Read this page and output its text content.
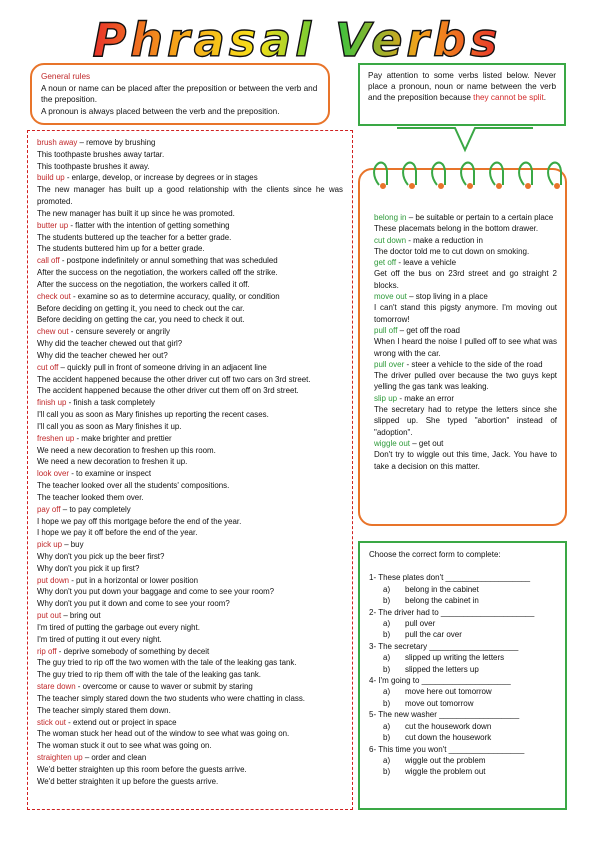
Phrasal Verbs
General rules
A noun or name can be placed after the preposition or between the verb and the preposition.
A pronoun is always placed between the verb and the preposition.
Pay attention to some verbs listed below. Never place a pronoun, noun or name between the verb and the preposition because they cannot be split.
brush away – remove by brushing
This toothpaste brushes away tartar.
This toothpaste brushes it away.
build up - enlarge, develop, or increase by degrees or in stages
The new manager has built up a good relationship with the clients since he was promoted.
The new manager has built it up since he was promoted.
butter up - flatter with the intention of getting something
The students buttered up the teacher for a better grade.
The students buttered him up for a better grade.
call off - postpone indefinitely or annul something that was scheduled
After the success on the negotiation, the workers called off the strike.
After the success on the negotiation, the workers called it off.
check out - examine so as to determine accuracy, quality, or condition
Before deciding on getting it, you need to check out the car.
Before deciding on getting the car, you need to check it out.
chew out - censure severely or angrily
Why did the teacher chewed out that girl?
Why did the teacher chewed her out?
cut off – quickly pull in front of someone driving in an adjacent line
The accident happened because the other driver cut off two cars on 3rd street.
The accident happened because the other driver cut them off on 3rd street.
finish up - finish a task completely
I'll call you as soon as Mary finishes up reporting the recent cases.
I'll call you as soon as Mary finishes it up.
freshen up - make brighter and prettier
We need a new decoration to freshen up this room.
We need a new decoration to freshen it up.
look over - to examine or inspect
The teacher looked over all the students' compositions.
The teacher looked them over.
pay off – to pay completely
I hope we pay off this mortgage before the end of the year.
I hope we pay it off before the end of the year.
pick up – buy
Why don't you pick up the beer first?
Why don't you pick it up first?
put down - put in a horizontal or lower position
Why don't you put down your baggage and come to see your room?
Why don't you put it down and come to see your room?
put out – bring out
I'm tired of putting the garbage out every night.
I'm tired of putting it out every night.
rip off - deprive somebody of something by deceit
The guy tried to rip off the two women with the tale of the leaking gas tank.
The guy tried to rip them off with the tale of the leaking gas tank.
stare down - overcome or cause to waver or submit by staring
The teacher simply stared down the two students who were chatting in class.
The teacher simply stared them down.
stick out - extend out or project in space
The woman stuck her head out of the window to see what was going on.
The woman stuck it out to see what was going on.
straighten up – order and clean
We'd better straighten up this room before the guests arrive.
We'd better straighten it up before the guests arrive.
belong in – be suitable or pertain to a certain place
These placemats belong in the bottom drawer.
cut down - make a reduction in
The doctor told me to cut down on smoking.
get off - leave a vehicle
Get off the bus on 23rd street and go straight 2 blocks.
move out – stop living in a place
I can't stand this pigsty anymore. I'm moving out tomorrow!
pull off – get off the road
When I heard the noise I pulled off to see what was wrong with the car.
pull over - steer a vehicle to the side of the road
The driver pulled over because the two guys kept yelling the gas tank was leaking.
slip up - make an error
The secretary had to retype the letters since she slipped up. She typed "abortion" instead of "adoption".
wiggle out – get out
Don't try to wiggle out this time, Jack. You have to take a decision on this matter.
Choose the correct form to complete:
1- These plates don't ___________________
a) belong in the cabinet
b) belong the cabinet in
2- The driver had to _____________________
a) pull over
b) pull the car over
3- The secretary ____________________
a) slipped up writing the letters
b) slipped the letters up
4- I'm going to ____________________
a) move here out tomorrow
b) move out tomorrow
5- The new washer __________________
a) cut the housework down
b) cut down the housework
6- This time you won't _________________
a) wiggle out the problem
b) wiggle the problem out
